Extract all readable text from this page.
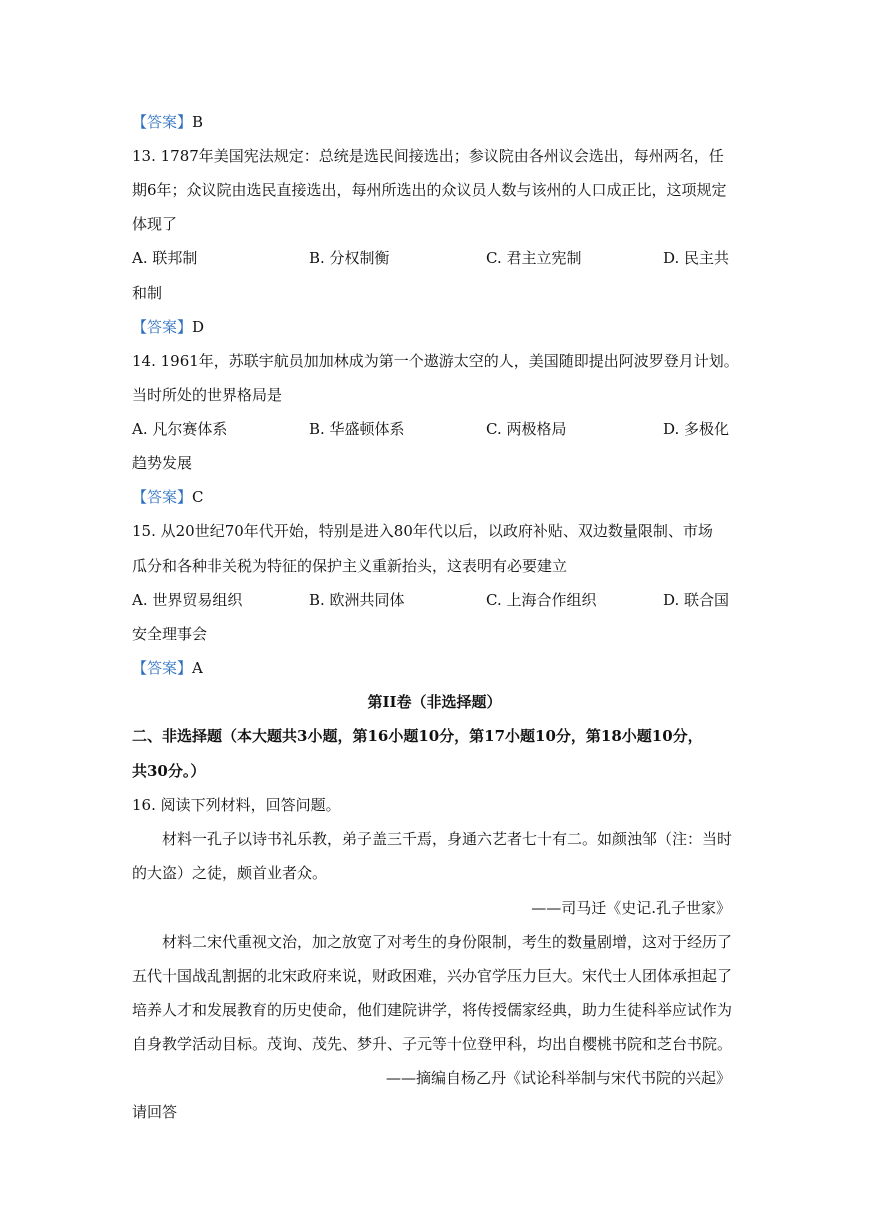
【答案】B
13. 1787年美国宪法规定：总统是选民间接选出；参议院由各州议会选出，每州两名，任
期6年；众议院由选民直接选出，每州所选出的众议员人数与该州的人口成正比，这项规定
体现了
A. 联邦制	B. 分权制衡	C. 君主立宪制	D. 民主共
和制
【答案】D
14. 1961年，苏联宇航员加加林成为第一个遨游太空的人，美国随即提出阿波罗登月计划。
当时所处的世界格局是
A. 凡尔赛体系	B. 华盛顿体系	C. 两极格局	D. 多极化
趋势发展
【答案】C
15. 从20世纪70年代开始，特别是进入80年代以后，以政府补贴、双边数量限制、市场
瓜分和各种非关税为特征的保护主义重新抬头，这表明有必要建立
A. 世界贸易组织	B. 欧洲共同体	C. 上海合作组织	D. 联合国
安全理事会
【答案】A
第II卷（非选择题）
二、非选择题（本大题共3小题，第16小题10分，第17小题10分，第18小题10分，
共30分。）
16. 阅读下列材料，回答问题。
材料一孔子以诗书礼乐教，弟子盖三千焉，身通六艺者七十有二。如颜浊邹（注：当时
的大盗）之徒，颇首业者众。
——司马迁《史记.孔子世家》
材料二宋代重视文治，加之放宽了对考生的身份限制，考生的数量剧增，这对于经历了
五代十国战乱割据的北宋政府来说，财政困难，兴办官学压力巨大。宋代士人团体承担起了
培养人才和发展教育的历史使命，他们建院讲学，将传授儒家经典，助力生徒科举应试作为
自身教学活动目标。茂询、茂先、梦升、子元等十位登甲科，均出自樱桃书院和芝台书院。
——摘编自杨乙丹《试论科举制与宋代书院的兴起》
请回答
